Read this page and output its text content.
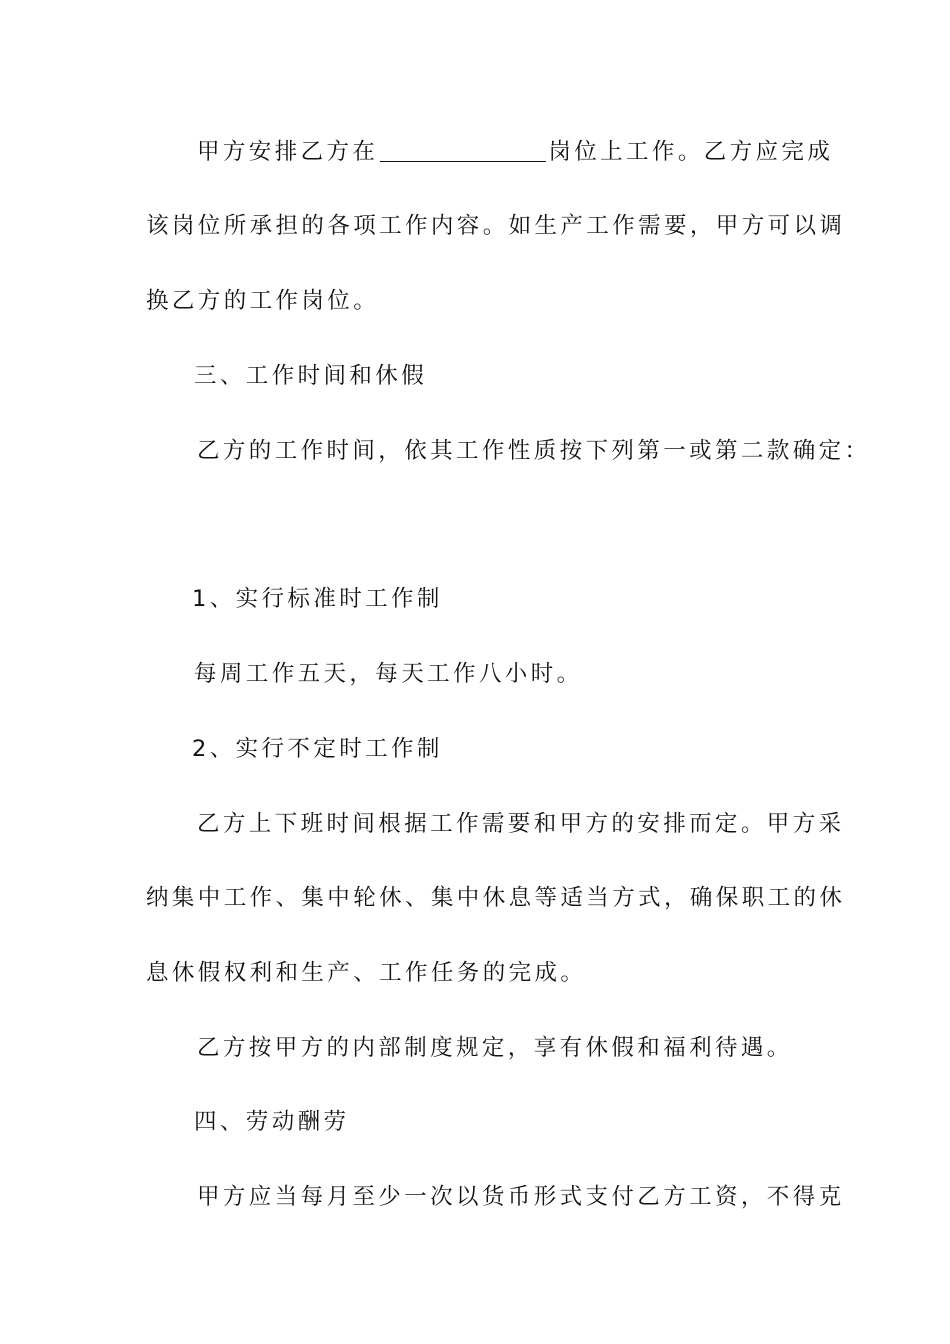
甲方安排乙方在	岗位上工作。乙方应完成
该岗位所承担的各项工作内容。如生产工作需要，甲方可以调
换乙方的工作岗位。
三、工作时间和休假
乙方的工作时间，依其工作性质按下列第一或第二款确定：
1、实行标准时工作制
每周工作五天，每天工作八小时。
2、实行不定时工作制
乙方上下班时间根据工作需要和甲方的安排而定。甲方采
纳集中工作、集中轮休、集中休息等适当方式，确保职工的休
息休假权利和生产、工作任务的完成。
乙方按甲方的内部制度规定，享有休假和福利待遇。
四、劳动酬劳
甲方应当每月至少一次以货币形式支付乙方工资，不得克
